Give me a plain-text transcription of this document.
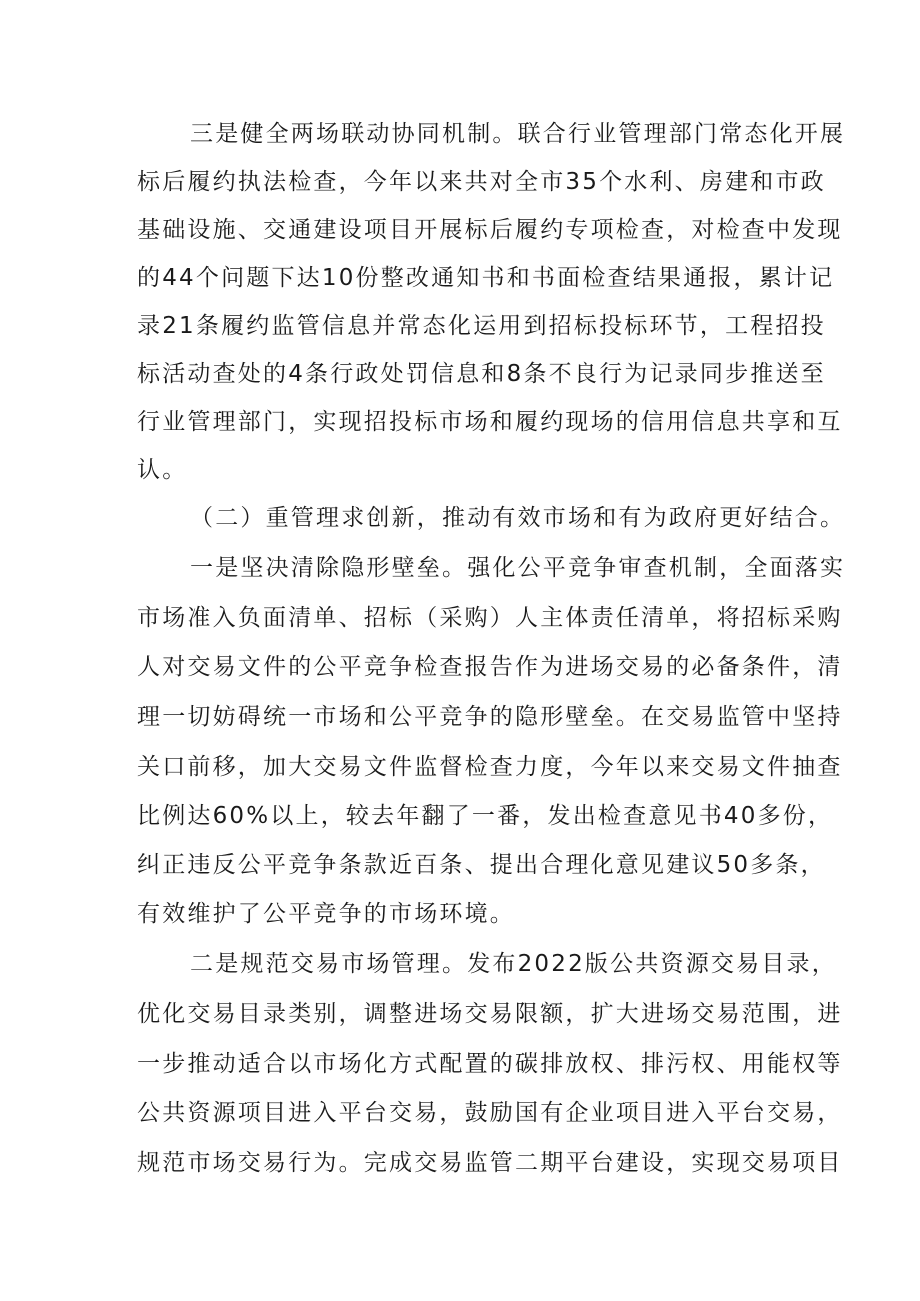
三是健全两场联动协同机制。联合行业管理部门常态化开展
标后履约执法检查，今年以来共对全市35个水利、房建和市政
基础设施、交通建设项目开展标后履约专项检查，对检查中发现
的44个问题下达10份整改通知书和书面检查结果通报，累计记
录21条履约监管信息并常态化运用到招标投标环节，工程招投
标活动查处的4条行政处罚信息和8条不良行为记录同步推送至
行业管理部门，实现招投标市场和履约现场的信用信息共享和互
认。
（二）重管理求创新，推动有效市场和有为政府更好结合。
一是坚决清除隐形壁垒。强化公平竞争审查机制，全面落实
市场准入负面清单、招标（采购）人主体责任清单，将招标采购
人对交易文件的公平竞争检查报告作为进场交易的必备条件，清
理一切妨碍统一市场和公平竞争的隐形壁垒。在交易监管中坚持
关口前移，加大交易文件监督检查力度，今年以来交易文件抽查
比例达60%以上，较去年翻了一番，发出检查意见书40多份，
纠正违反公平竞争条款近百条、提出合理化意见建议50多条，
有效维护了公平竞争的市场环境。
二是规范交易市场管理。发布2022版公共资源交易目录，
优化交易目录类别，调整进场交易限额，扩大进场交易范围，进
一步推动适合以市场化方式配置的碳排放权、排污权、用能权等
公共资源项目进入平台交易，鼓励国有企业项目进入平台交易，
规范市场交易行为。完成交易监管二期平台建设，实现交易项目
